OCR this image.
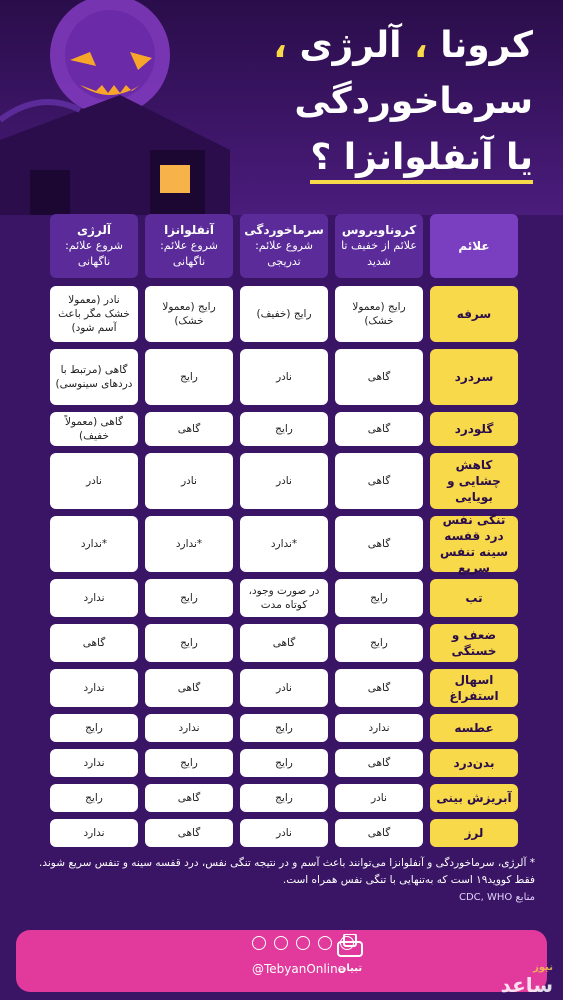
کرونا ، آلرژی ،
سرماخوردگی
یا آنفلوانزا ؟
علائم
کروناویروس
علائم از خفیف تا شدید
سرماخوردگی
شروع علائم: تدریجی
آنفلوانزا
شروع علائم: ناگهانی
آلرژی
شروع علائم: ناگهانی
سرفه
رایج (معمولا خشک)
رایج (خفیف)
رایج (معمولا خشک)
نادر (معمولا خشک مگر باعث آسم شود)
سردرد
گاهی
نادر
رایج
گاهی (مرتبط با دردهای سینوسی)
گلودرد
گاهی
رایج
گاهی
گاهی (معمولاً خفیف)
کاهش چشایی و بویایی
گاهی
نادر
نادر
نادر
تنگی نفس درد قفسه سینه تنفس سریع
گاهی
*ندارد
*ندارد
*ندارد
تب
رایج
در صورت وجود، کوتاه مدت
رایج
ندارد
ضعف و خستگی
رایج
گاهی
رایج
گاهی
اسهال استفراغ
گاهی
نادر
گاهی
ندارد
عطسه
ندارد
رایج
ندارد
رایج
بدن‌درد
گاهی
رایج
رایج
ندارد
آبریزش بینی
نادر
رایج
گاهی
رایج
لرز
گاهی
نادر
گاهی
ندارد
* آلرژی، سرماخوردگی و آنفلوانزا می‌توانند باعث آسم و در نتیجه تنگی نفس، درد قفسه سینه و تنفس سریع شوند. فقط کووید۱۹ است که به‌تنهایی با تنگی نفس همراه است.
منابع CDC, WHO
تبیان
@TebyanOnline	نیوز
ساعد
